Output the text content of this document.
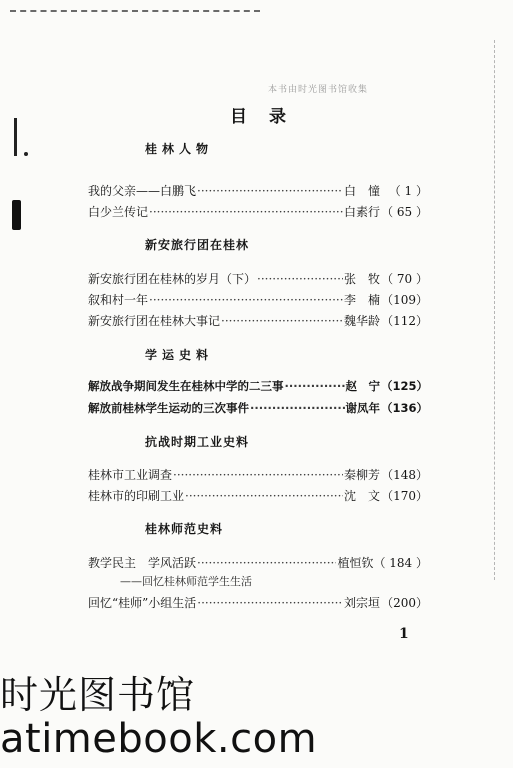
本书由时光图书馆收集
目录
桂林人物
我的父亲——白鹏飞 ·····	白　憧 （ 1 ）
白少兰传记 ·····	白素行 （ 65 ）
新安旅行团在桂林
新安旅行团在桂林的岁月（下） ·····	张　牧 （ 70 ）
叙和村一年 ·····	李　楠 （109）
新安旅行团在桂林大事记 ·····	魏华龄 （112）
学运史料
解放战争期间发生在桂林中学的二三事 ·····	赵　宁 （125）
解放前桂林学生运动的三次事件 ·····	谢凤年 （136）
抗战时期工业史料
桂林市工业调查 ·····	秦柳芳 （148）
桂林市的印刷工业 ·····	沈　文 （170）
桂林师范史料
教学民主　学风活跃 ·····	植恒钦 （ 184 ）
——回忆桂林师范学生生活
回忆“桂师”小组生活 ·····	刘宗垣 （200）
1
时光图书馆
atimebook.com
